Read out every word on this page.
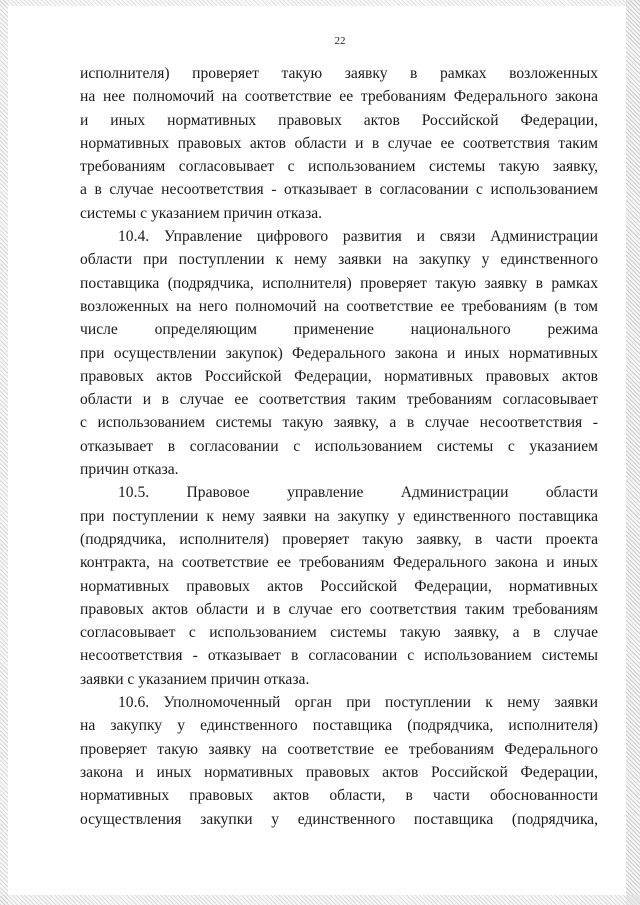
22
исполнителя) проверяет такую заявку в рамках возложенных
на нее полномочий на соответствие ее требованиям Федерального закона
и иных нормативных правовых актов Российской Федерации,
нормативных правовых актов области и в случае ее соответствия таким
требованиям согласовывает с использованием системы такую заявку,
а в случае несоответствия - отказывает в согласовании с использованием
системы с указанием причин отказа.
10.4. Управление цифрового развития и связи Администрации
области при поступлении к нему заявки на закупку у единственного
поставщика (подрядчика, исполнителя) проверяет такую заявку в рамках
возложенных на него полномочий на соответствие ее требованиям (в том
числе определяющим применение национального режима
при осуществлении закупок) Федерального закона и иных нормативных
правовых актов Российской Федерации, нормативных правовых актов
области и в случае ее соответствия таким требованиям согласовывает
с использованием системы такую заявку, а в случае несоответствия -
отказывает в согласовании с использованием системы с указанием
причин отказа.
10.5. Правовое управление Администрации области
при поступлении к нему заявки на закупку у единственного поставщика
(подрядчика, исполнителя) проверяет такую заявку, в части проекта
контракта, на соответствие ее требованиям Федерального закона и иных
нормативных правовых актов Российской Федерации, нормативных
правовых актов области и в случае его соответствия таким требованиям
согласовывает с использованием системы такую заявку, а в случае
несоответствия - отказывает в согласовании с использованием системы
заявки с указанием причин отказа.
10.6. Уполномоченный орган при поступлении к нему заявки
на закупку у единственного поставщика (подрядчика, исполнителя)
проверяет такую заявку на соответствие ее требованиям Федерального
закона и иных нормативных правовых актов Российской Федерации,
нормативных правовых актов области, в части обоснованности
осуществления закупки у единственного поставщика (подрядчика,
